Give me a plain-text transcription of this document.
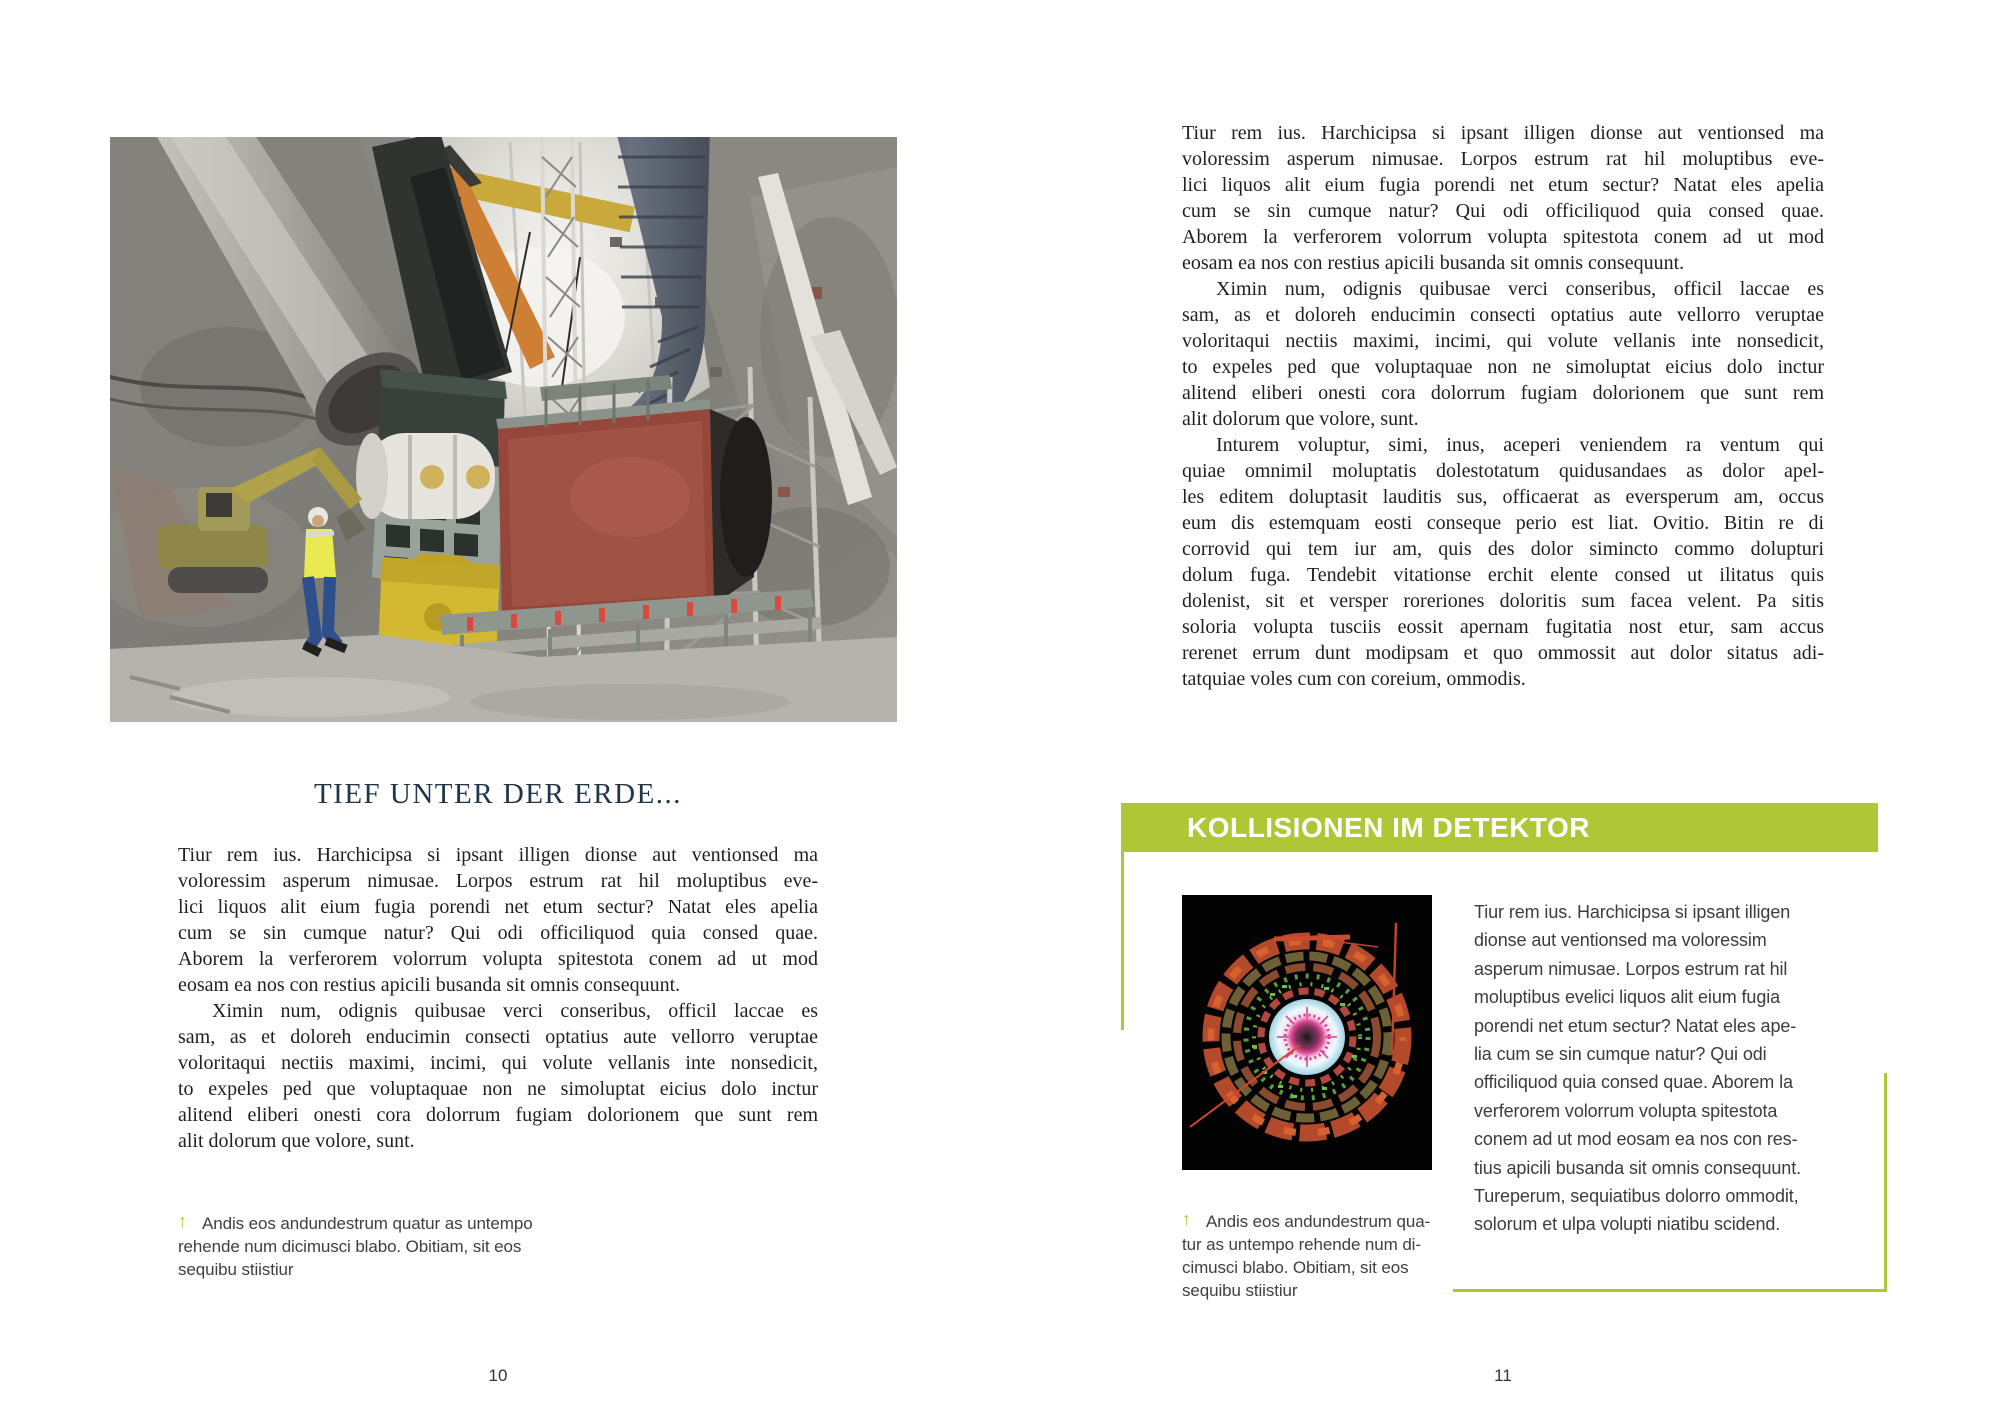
TIEF UNTER DER ERDE...
Tiur rem ius. Harchicipsa si ipsant illigen dionse aut ventionsed ma
voloressim asperum nimusae. Lorpos estrum rat hil moluptibus eve-
lici liquos alit eium fugia porendi net etum sectur? Natat eles apelia
cum se sin cumque natur? Qui odi officiliquod quia consed quae.
Aborem la verferorem volorrum volupta spitestota conem ad ut mod
eosam ea nos con restius apicili busanda sit omnis consequunt.
Ximin num, odignis quibusae verci conseribus, officil laccae es
sam, as et doloreh enducimin consecti optatius aute vellorro veruptae
voloritaqui nectiis maximi, incimi, qui volute vellanis inte nonsedicit,
to expeles ped que voluptaquae non ne simoluptat eicius dolo inctur
alitend eliberi onesti cora dolorrum fugiam dolorionem que sunt rem
alit dolorum que volore, sunt.
↑ Andis eos andundestrum quatur as untempo
rehende num dicimusci blabo. Obitiam, sit eos
sequibu stiistiur
10
Tiur rem ius. Harchicipsa si ipsant illigen dionse aut ventionsed ma
voloressim asperum nimusae. Lorpos estrum rat hil moluptibus eve-
lici liquos alit eium fugia porendi net etum sectur? Natat eles apelia
cum se sin cumque natur? Qui odi officiliquod quia consed quae.
Aborem la verferorem volorrum volupta spitestota conem ad ut mod
eosam ea nos con restius apicili busanda sit omnis consequunt.
Ximin num, odignis quibusae verci conseribus, officil laccae es
sam, as et doloreh enducimin consecti optatius aute vellorro veruptae
voloritaqui nectiis maximi, incimi, qui volute vellanis inte nonsedicit,
to expeles ped que voluptaquae non ne simoluptat eicius dolo inctur
alitend eliberi onesti cora dolorrum fugiam dolorionem que sunt rem
alit dolorum que volore, sunt.
Inturem voluptur, simi, inus, aceperi veniendem ra ventum qui
quiae omnimil moluptatis dolestotatum quidusandaes as dolor apel-
les editem doluptasit lauditis sus, officaerat as eversperum am, occus
eum dis estemquam eosti conseque perio est liat. Ovitio. Bitin re di
corrovid qui tem iur am, quis des dolor simincto commo dolupturi
dolum fuga. Tendebit vitationse erchit elente consed ut ilitatus quis
dolenist, sit et versper roreriones doloritis sum facea velent. Pa sitis
soloria volupta tusciis eossit apernam fugitatia nost etur, sam accus
rerenet errum dunt modipsam et quo ommossit aut dolor sitatus adi-
tatquiae voles cum con coreium, ommodis.
KOLLISIONEN IM DETEKTOR
Tiur rem ius. Harchicipsa si ipsant illigen
dionse aut ventionsed ma voloressim
asperum nimusae. Lorpos estrum rat hil
moluptibus evelici liquos alit eium fugia
porendi net etum sectur? Natat eles ape-
lia cum se sin cumque natur? Qui odi
officiliquod quia consed quae. Aborem la
verferorem volorrum volupta spitestota
conem ad ut mod eosam ea nos con res-
tius apicili busanda sit omnis consequunt.
Tureperum, sequiatibus dolorro ommodit,
solorum et ulpa volupti niatibu scidend.
↑ Andis eos andundestrum qua-
tur as untempo rehende num di-
cimusci blabo. Obitiam, sit eos
sequibu stiistiur
11
